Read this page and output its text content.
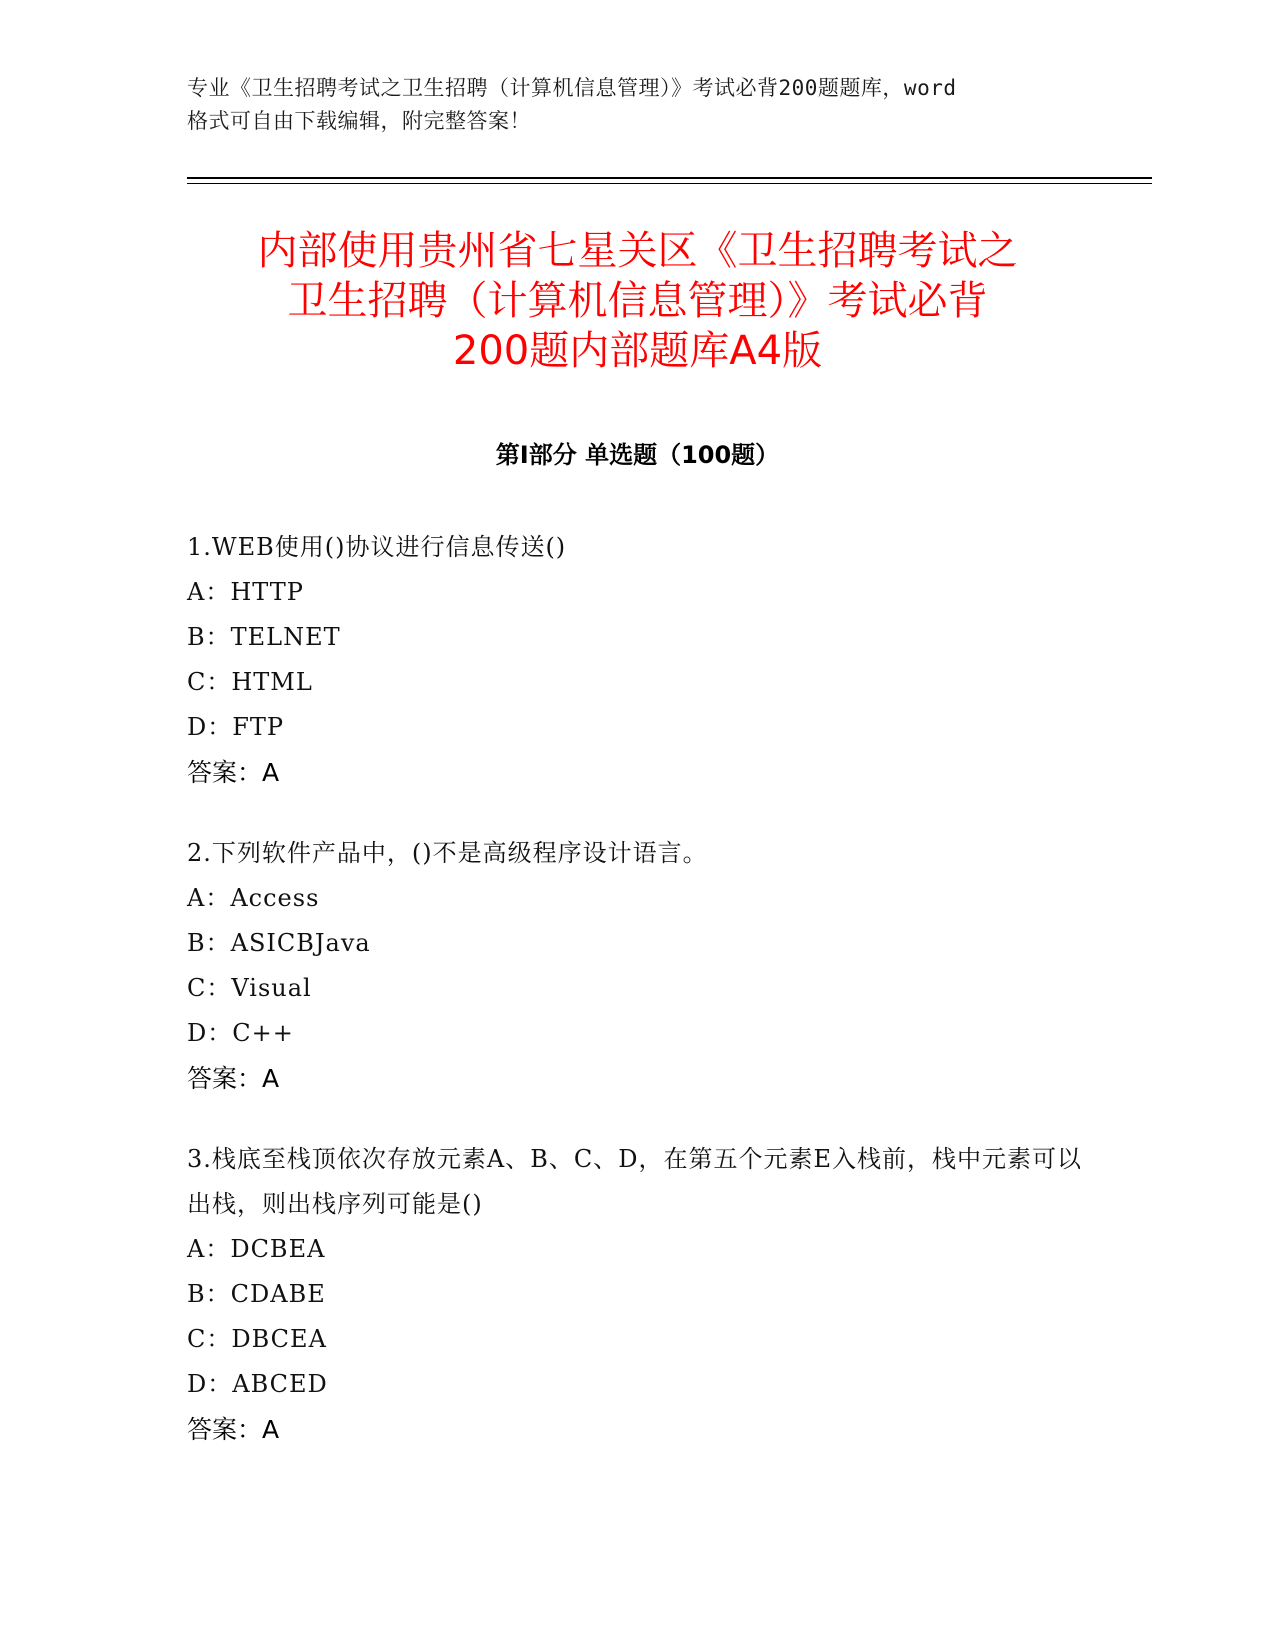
专业《卫生招聘考试之卫生招聘（计算机信息管理）》考试必背200题题库，word
格式可自由下载编辑，附完整答案！
内部使用贵州省七星关区《卫生招聘考试之
卫生招聘（计算机信息管理）》考试必背
200题内部题库A4版
第Ⅰ部分 单选题（100题）
1.WEB使用()协议进行信息传送()
A：HTTP
B：TELNET
C：HTML
D：FTP
答案：A
2.下列软件产品中，()不是高级程序设计语言。
A：Access
B：ASICBJava
C：Visual
D：C++
答案：A
3.栈底至栈顶依次存放元素A、B、C、D，在第五个元素E入栈前，栈中元素可以出栈，则出栈序列可能是()
A：DCBEA
B：CDABE
C：DBCEA
D：ABCED
答案：A
